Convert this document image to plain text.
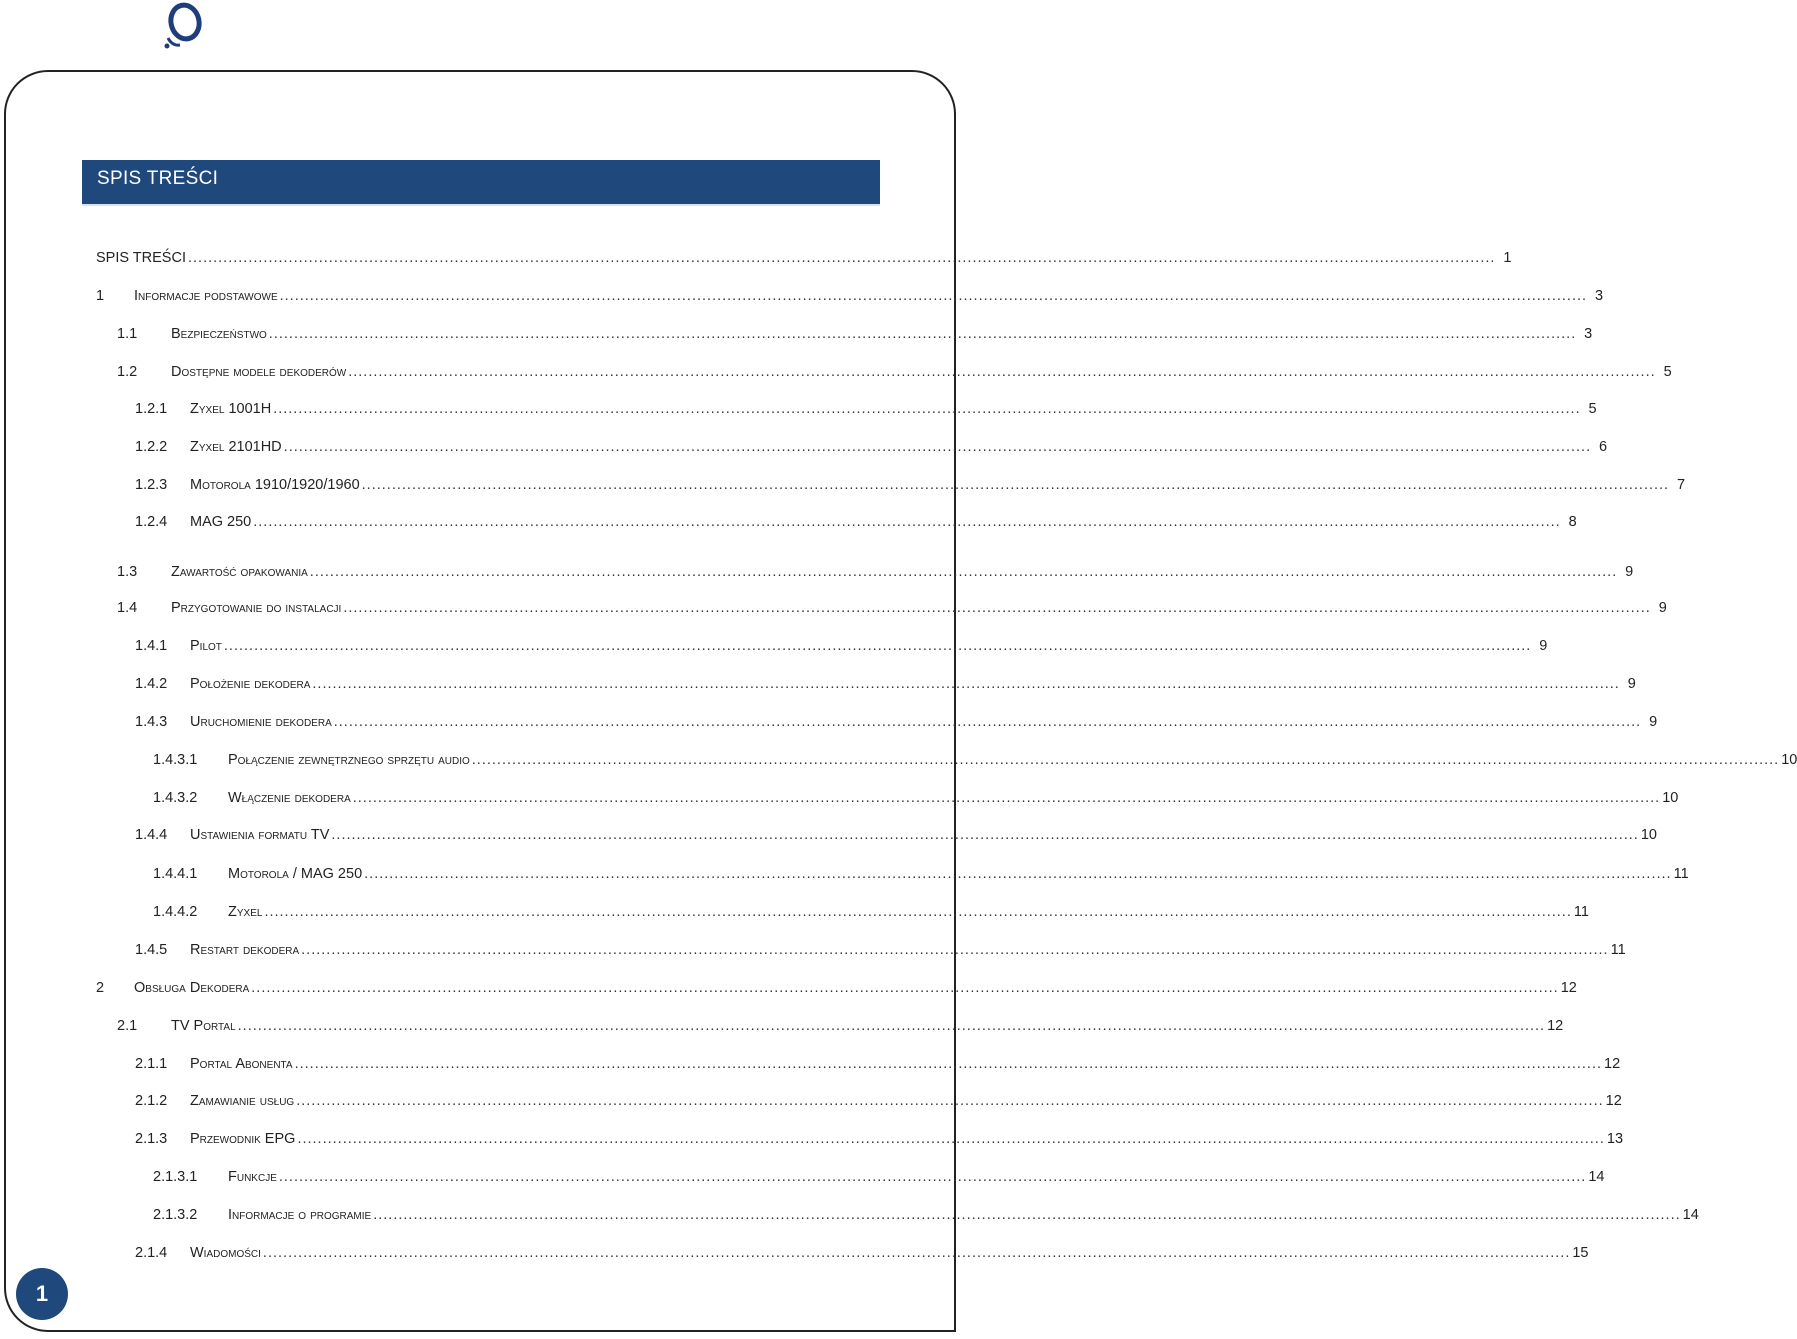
SPIS TREŚCI
SPIS TREŚCI .................................................................................................................................................................................................................................................................... 1
1	Informacje podstawowe .................................................................................................................................................................................................................................................................... 3
1.1	Bezpieczeństwo .................................................................................................................................................................................................................................................................... 3
1.2	Dostępne modele dekoderów .................................................................................................................................................................................................................................................................... 5
1.2.1	Zyxel 1001H .................................................................................................................................................................................................................................................................... 5
1.2.2	Zyxel 2101HD .................................................................................................................................................................................................................................................................... 6
1.2.3	Motorola 1910/1920/1960 .................................................................................................................................................................................................................................................................... 7
1.2.4	MAG 250 .................................................................................................................................................................................................................................................................... 8
1.3	Zawartość opakowania .................................................................................................................................................................................................................................................................... 9
1.4	Przygotowanie do instalacji .................................................................................................................................................................................................................................................................... 9
1.4.1	Pilot .................................................................................................................................................................................................................................................................... 9
1.4.2	Położenie dekodera .................................................................................................................................................................................................................................................................... 9
1.4.3	Uruchomienie dekodera .................................................................................................................................................................................................................................................................... 9
1.4.3.1	Połączenie zewnętrznego sprzętu audio .................................................................................................................................................................................................................................................................... 10
1.4.3.2	Włączenie dekodera .................................................................................................................................................................................................................................................................... 10
1.4.4	Ustawienia formatu TV .................................................................................................................................................................................................................................................................... 10
1.4.4.1	Motorola / MAG 250 .................................................................................................................................................................................................................................................................... 11
1.4.4.2	Zyxel .................................................................................................................................................................................................................................................................... 11
1.4.5	Restart dekodera .................................................................................................................................................................................................................................................................... 11
2	Obsługa Dekodera .................................................................................................................................................................................................................................................................... 12
2.1	TV Portal .................................................................................................................................................................................................................................................................... 12
2.1.1	Portal Abonenta .................................................................................................................................................................................................................................................................... 12
2.1.2	Zamawianie usług .................................................................................................................................................................................................................................................................... 12
2.1.3	Przewodnik EPG .................................................................................................................................................................................................................................................................... 13
2.1.3.1	Funkcje .................................................................................................................................................................................................................................................................... 14
2.1.3.2	Informacje o programie .................................................................................................................................................................................................................................................................... 14
2.1.4	Wiadomości .................................................................................................................................................................................................................................................................... 15
1
